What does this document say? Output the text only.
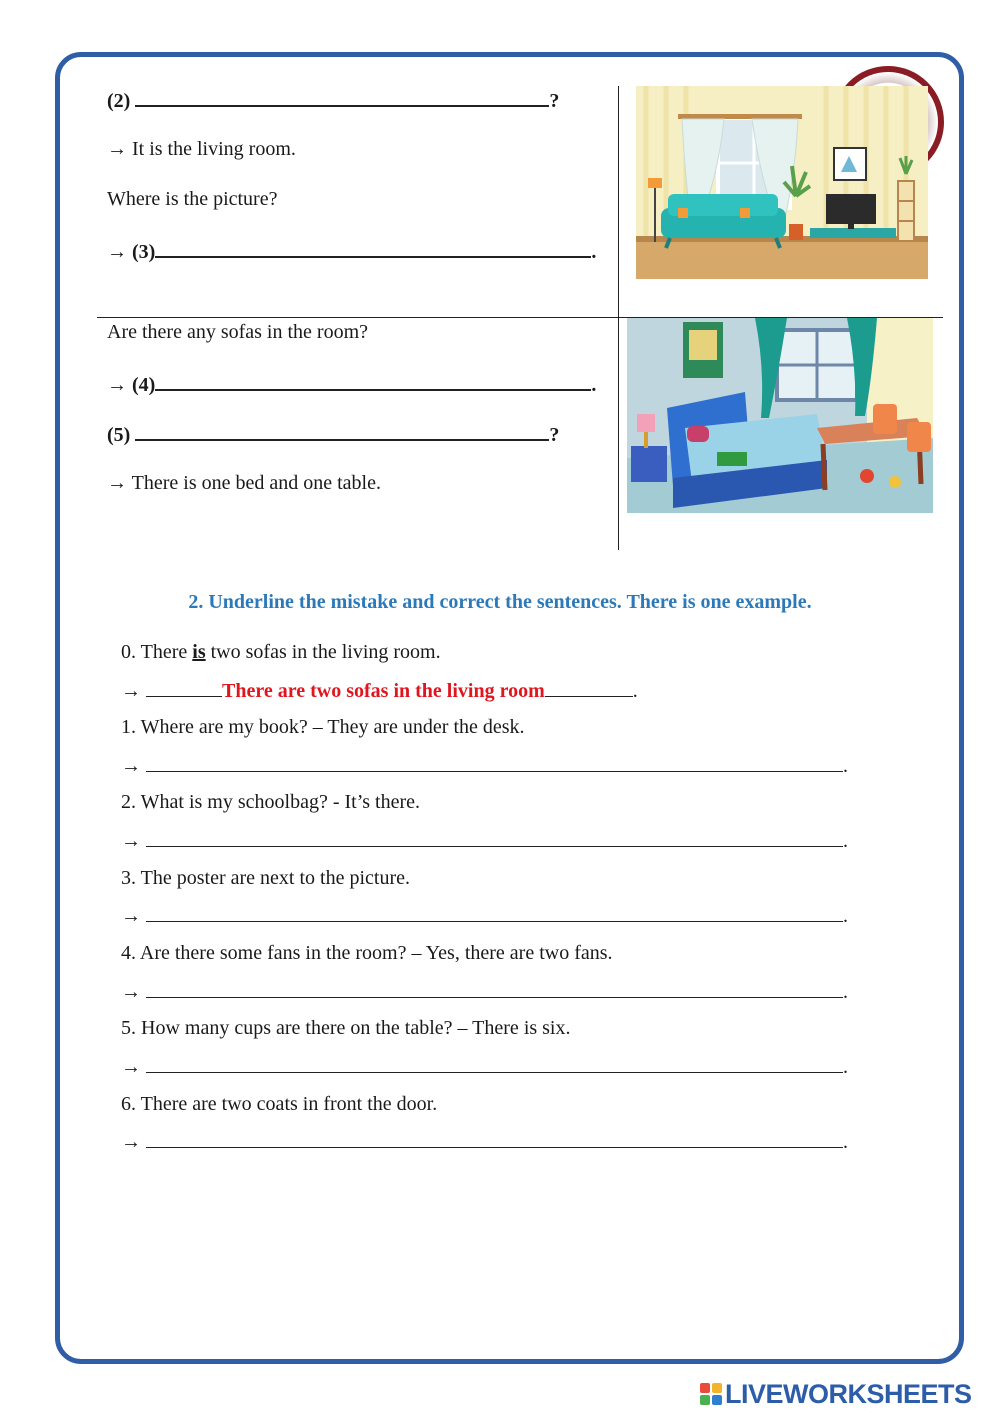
(2)	?
→ It is the living room.
Where is the picture?
→ (3)	.
Are there any sofas in the room?
→ (4)	.
(5)	?
→ There is one bed and one table.
2. Underline the mistake and correct the sentences. There is one example.
0. There is two sofas in the living room.
→	There are two sofas in the living room	.
1. Where are my book? – They are under the desk.
→	.
2. What is my schoolbag? - It’s there.
→	.
3. The poster are next to the picture.
→	.
4. Are there some fans in the room? – Yes, there are two fans.
→	.
5. How many cups are there on the table? – There is six.
→	.
6. There are two coats in front the door.
→	.
LIVEWORKSHEETS
